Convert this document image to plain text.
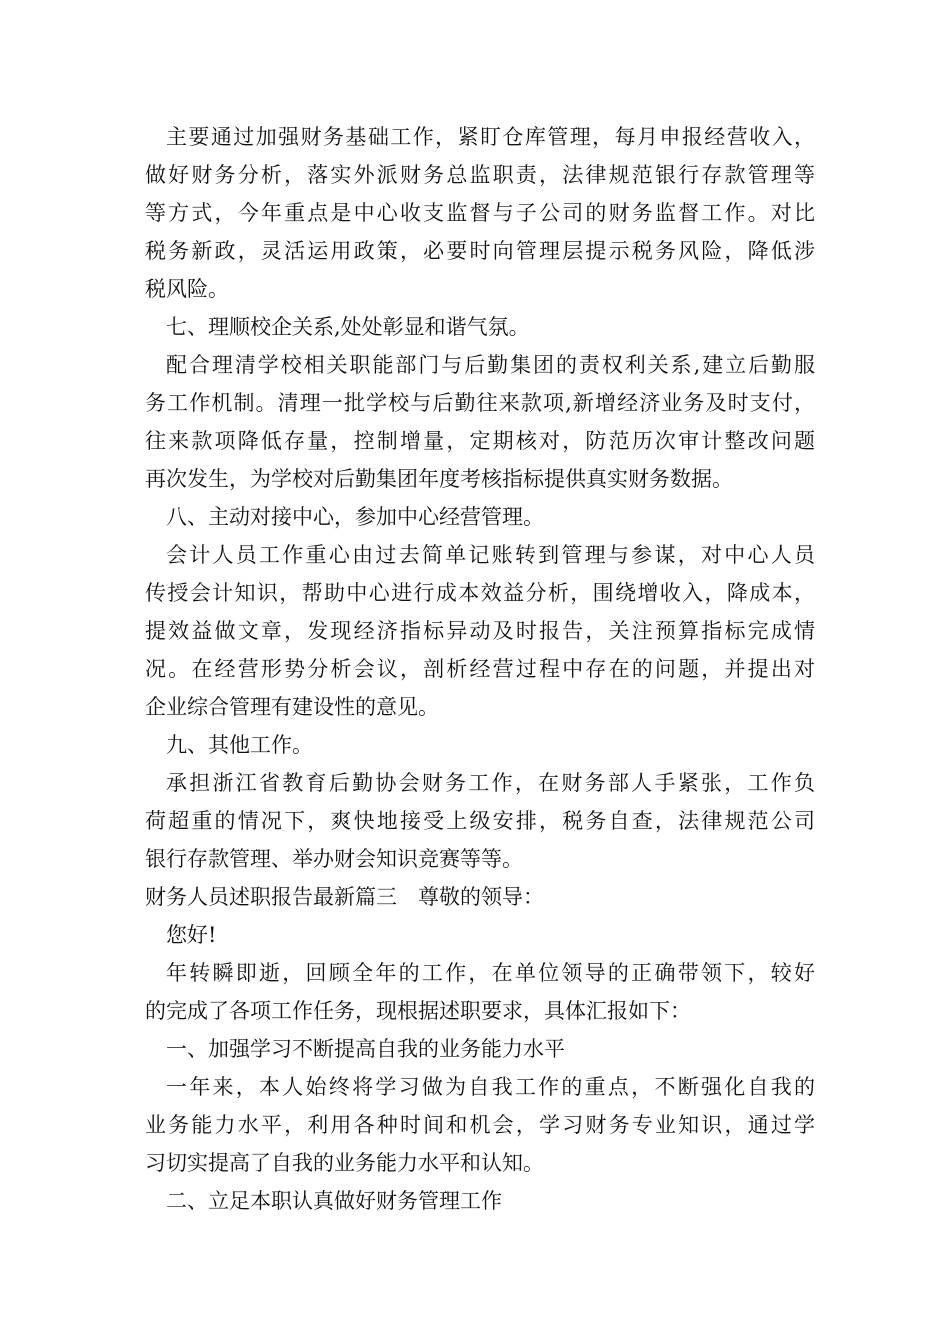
主要通过加强财务基础工作，紧盯仓库管理，每月申报经营收入，
做好财务分析，落实外派财务总监职责，法律规范银行存款管理等
等方式，今年重点是中心收支监督与子公司的财务监督工作。对比
税务新政，灵活运用政策，必要时向管理层提示税务风险，降低涉
税风险。
七、理顺校企关系,处处彰显和谐气氛。
配合理清学校相关职能部门与后勤集团的责权利关系,建立后勤服
务工作机制。清理一批学校与后勤往来款项,新增经济业务及时支付，
往来款项降低存量，控制增量，定期核对，防范历次审计整改问题
再次发生，为学校对后勤集团年度考核指标提供真实财务数据。
八、主动对接中心，参加中心经营管理。
会计人员工作重心由过去简单记账转到管理与参谋，对中心人员
传授会计知识，帮助中心进行成本效益分析，围绕增收入，降成本，
提效益做文章，发现经济指标异动及时报告，关注预算指标完成情
况。在经营形势分析会议，剖析经营过程中存在的问题，并提出对
企业综合管理有建设性的意见。
九、其他工作。
承担浙江省教育后勤协会财务工作，在财务部人手紧张，工作负
荷超重的情况下，爽快地接受上级安排，税务自查，法律规范公司
银行存款管理、举办财会知识竞赛等等。
财务人员述职报告最新篇三　尊敬的领导：
您好!
年转瞬即逝，回顾全年的工作，在单位领导的正确带领下，较好
的完成了各项工作任务，现根据述职要求，具体汇报如下：
一、加强学习不断提高自我的业务能力水平
一年来，本人始终将学习做为自我工作的重点，不断强化自我的
业务能力水平，利用各种时间和机会，学习财务专业知识，通过学
习切实提高了自我的业务能力水平和认知。
二、立足本职认真做好财务管理工作
